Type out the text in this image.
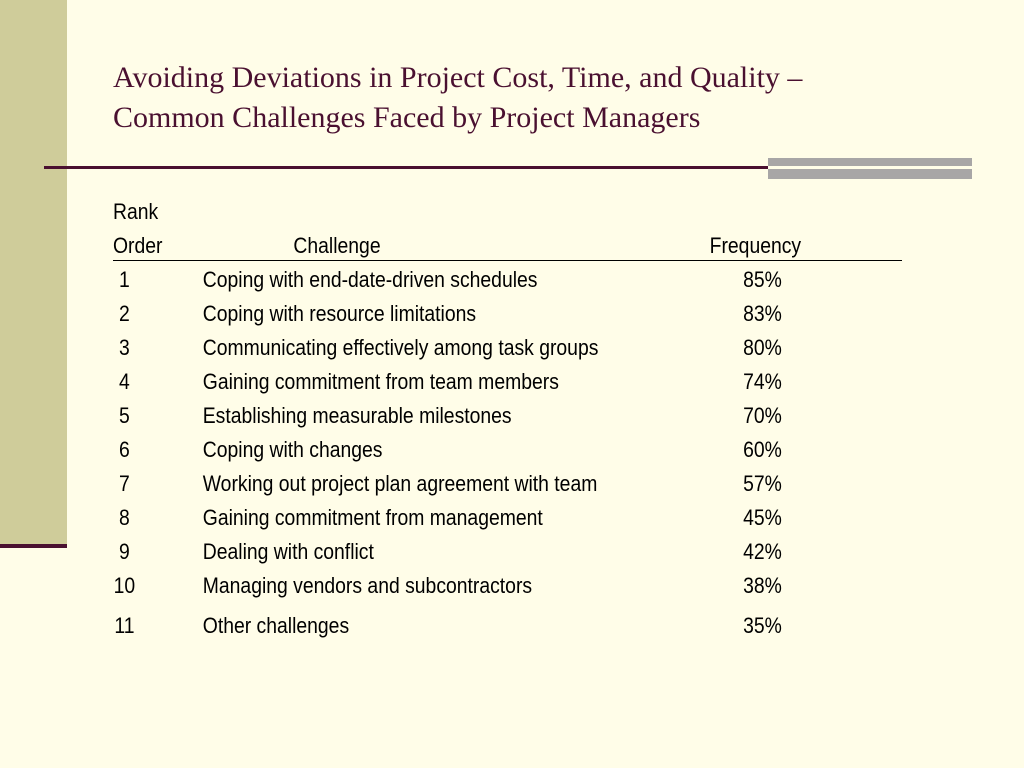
Avoiding Deviations in Project Cost, Time, and Quality –
Common Challenges Faced by Project Managers
Rank
Order	Challenge	Frequency
1	Coping with end-date-driven schedules	85%
2	Coping with resource limitations	83%
3	Communicating effectively among task groups	80%
4	Gaining commitment from team members	74%
5	Establishing measurable milestones	70%
6	Coping with changes	60%
7	Working out project plan agreement with team	57%
8	Gaining commitment from management	45%
9	Dealing with conflict	42%
10	Managing vendors and subcontractors	38%
11	Other challenges	35%
